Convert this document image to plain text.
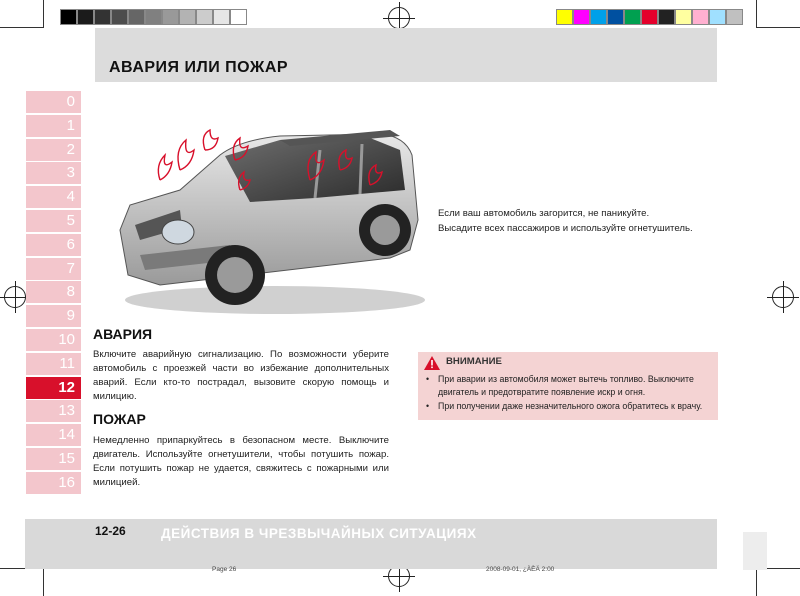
АВАРИЯ ИЛИ ПОЖАР
0
1
2
3
4
5
6
7
8
9
10
11
12
13
14
15
16
Если ваш автомобиль загорится, не паникуйте.
Высадите всех пассажиров и используйте огнетушитель.
АВАРИЯ
Включите аварийную сигнализацию. По возможности уберите автомобиль с проезжей части во избежание дополнительных аварий. Если кто-то пострадал, вызовите скорую помощь и милицию.
ПОЖАР
Немедленно припаркуйтесь в безопасном месте. Выключите двигатель. Используйте огнетушители, чтобы потушить пожар. Если потушить пожар не удается, свяжитесь с пожарными или милицией.
ВНИМАНИЕ
•	При аварии из автомобиля может вытечь топливо. Выключите двигатель и предотвратите появление искр и огня.
•	При получении даже незначительного ожога обратитесь к врачу.
12-26	ДЕЙСТВИЯ В ЧРЕЗВЫЧАЙНЫХ СИТУАЦИЯХ
Page 26	2008-09-01, ¿ÀÈÄ 2:00
